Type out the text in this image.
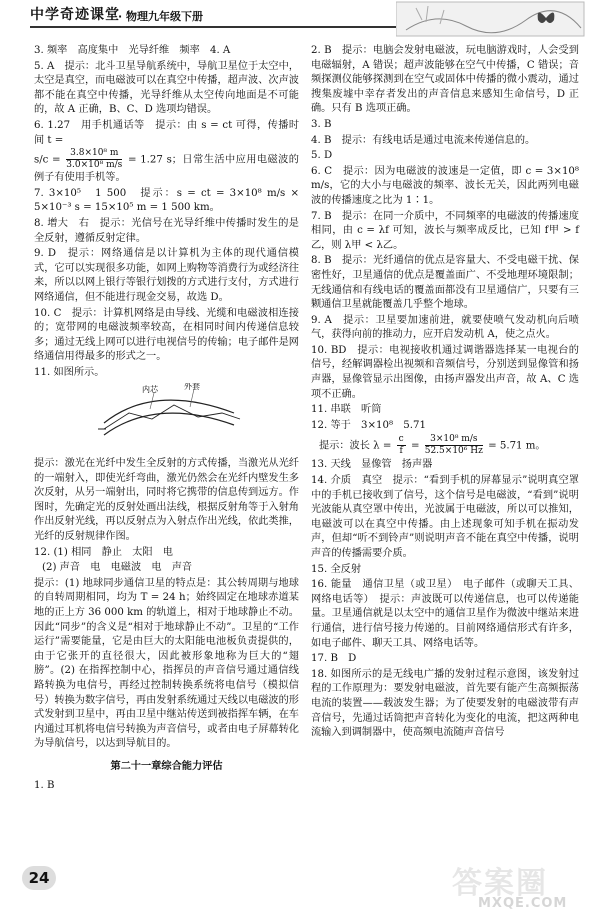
中学奇迹课堂
· 物理九年级下册
3. 频率　高度集中　光导纤维　频率　4. A
5. A　提示：北斗卫星导航系统中，导航卫星位于太空中，太空是真空，而电磁波可以在真空中传播，超声波、次声波都不能在真空中传播，光导纤维从太空传向地面是不可能的，故 A 正确，B、C、D 选项均错误。
6. 1.27　用手机通话等　提示：由 s = ct 可得，传播时间 t =
$s/c = \frac{\text{3.8×10⁸ m}}{\text{3.0×10⁸ m/s}} = 1.27$ s；日常生活中应用电磁波的例子有使用手机等。
7. 3×10⁵　1 500　提示：s = ct = 3×10⁸ m/s × 5×10⁻³ s = 15×10⁵ m = 1 500 km。
8. 增大　右　提示：光信号在光导纤维中传播时发生的是全反射，遵循反射定律。
9. D　提示：网络通信是以计算机为主体的现代通信模式，它可以实现很多功能，如网上购物等消费行为或经济往来，所以以网上银行等银行划拨的方式进行支付，方式进行网络通信，但不能进行现金交易，故选 D。
10. C　提示：计算机网络是由导线、光缆和电磁波相连接的；宽带网的电磁波频率较高，在相同时间内传递信息较多；通过无线上网可以进行电视信号的传输；电子邮件是网络通信用得最多的形式之一。
11. 如图所示。
内芯	外套
提示：激光在光纤中发生全反射的方式传播，当激光从光纤的一端射入，即使光纤弯曲，激光仍然会在光纤内壁发生多次反射，从另一端射出，同时将它携带的信息传到远方。作图时，先确定光的反射处画出法线，根据反射角等于入射角作出反射光线，再以反射点为入射点作出光线，依此类推，光纤的反射规律作图。
12. (1) 相同　静止　太阳　电
(2) 声音　电　电磁波　电　声音
提示：(1) 地球同步通信卫星的特点是：其公转周期与地球的自转周期相同，均为 T = 24 h；始终固定在地球赤道某地的正上方 36 000 km 的轨道上，相对于地球静止不动。因此“同步”的含义是“相对于地球静止不动”。卫星的“工作运行”需要能量，它是由巨大的太阳能电池板负责提供的，由于它张开的直径很大，因此被形象地称为巨大的“翅膀”。(2) 在指挥控制中心，指挥员的声音信号通过通信线路转换为电信号，再经过控制转换系统将电信号（模拟信号）转换为数字信号，再由发射系统通过天线以电磁波的形式发射到卫星中，再由卫星中继站传送到被指挥车辆，在车内通过耳机将电信号转换为声音信号，或者由电子屏幕转化为导航信号，以达到导航目的。
第二十一章综合能力评估
1. B
2. B　提示：电脑会发射电磁波，玩电脑游戏时，人会受到电磁辐射，A 错误；超声波能够在空气中传播，C 错误；音频探测仪能够探测到在空气或固体中传播的微小震动，通过搜集废墟中幸存者发出的声音信息来感知生命信号，D 正确。只有 B 选项正确。
3. B
4. B　提示：有线电话是通过电流来传递信息的。
5. D
6. C　提示：因为电磁波的波速是一定值，即 c = 3×10⁸ m/s，它的大小与电磁波的频率、波长无关，因此两列电磁波的传播速度之比为 1∶1。
7. B　提示：在同一介质中，不同频率的电磁波的传播速度相同，由 c = λf 可知，波长与频率成反比，已知 f甲 > f乙，则 λ甲 < λ乙。
8. B　提示：光纤通信的优点是容量大、不受电磁干扰、保密性好，卫星通信的优点是覆盖面广、不受地理环境限制；无线通信和有线电话的覆盖面都没有卫星通信广，只要有三颗通信卫星就能覆盖几乎整个地球。
9. A　提示：卫星要加速前进，就要使喷气发动机向后喷气，获得向前的推动力，应开启发动机 A，使之点火。
10. BD　提示：电视接收机通过调谐器选择某一电视台的信号，经解调器检出视频和音频信号，分别送到显像管和扬声器，显像管显示出图像，由扬声器发出声音，故 A、C 选项不正确。
11. 串联　听筒
12. 等于　3×10⁸　5.71
提示：波长 $\lambda = \frac{c}{f} = \frac{\text{3×10⁸ m/s}}{\text{52.5×10⁶ Hz}} = 5.71$ m。
13. 天线　显像管　扬声器
14. 介质　真空　提示：“看到手机的屏幕显示”说明真空罩中的手机已接收到了信号，这个信号是电磁波，“看到”说明光波能从真空罩中传出，光波属于电磁波，所以可以推知，电磁波可以在真空中传播。由上述现象可知手机在振动发声，但却“听不到铃声”则说明声音不能在真空中传播，说明声音的传播需要介质。
15. 全反射
16. 能量　通信卫星（或卫星）　电子邮件（或聊天工具、网络电话等）　提示：声波既可以传递信息，也可以传递能量。卫星通信就是以太空中的通信卫星作为微波中继站来进行通信，进行信号接力传递的。目前网络通信形式有许多，如电子邮件、聊天工具、网络电话等。
17. B　D
18. 如图所示的是无线电广播的发射过程示意图，该发射过程的工作原理为：要发射电磁波，首先要有能产生高频振荡电流的装置——载波发生器；为了使要发射的电磁波带有声音信号，先通过话筒把声音转化为变化的电流，把这两种电流输入到调制器中，使高频电流随声音信号
24	答案圈
MXQE.COM
